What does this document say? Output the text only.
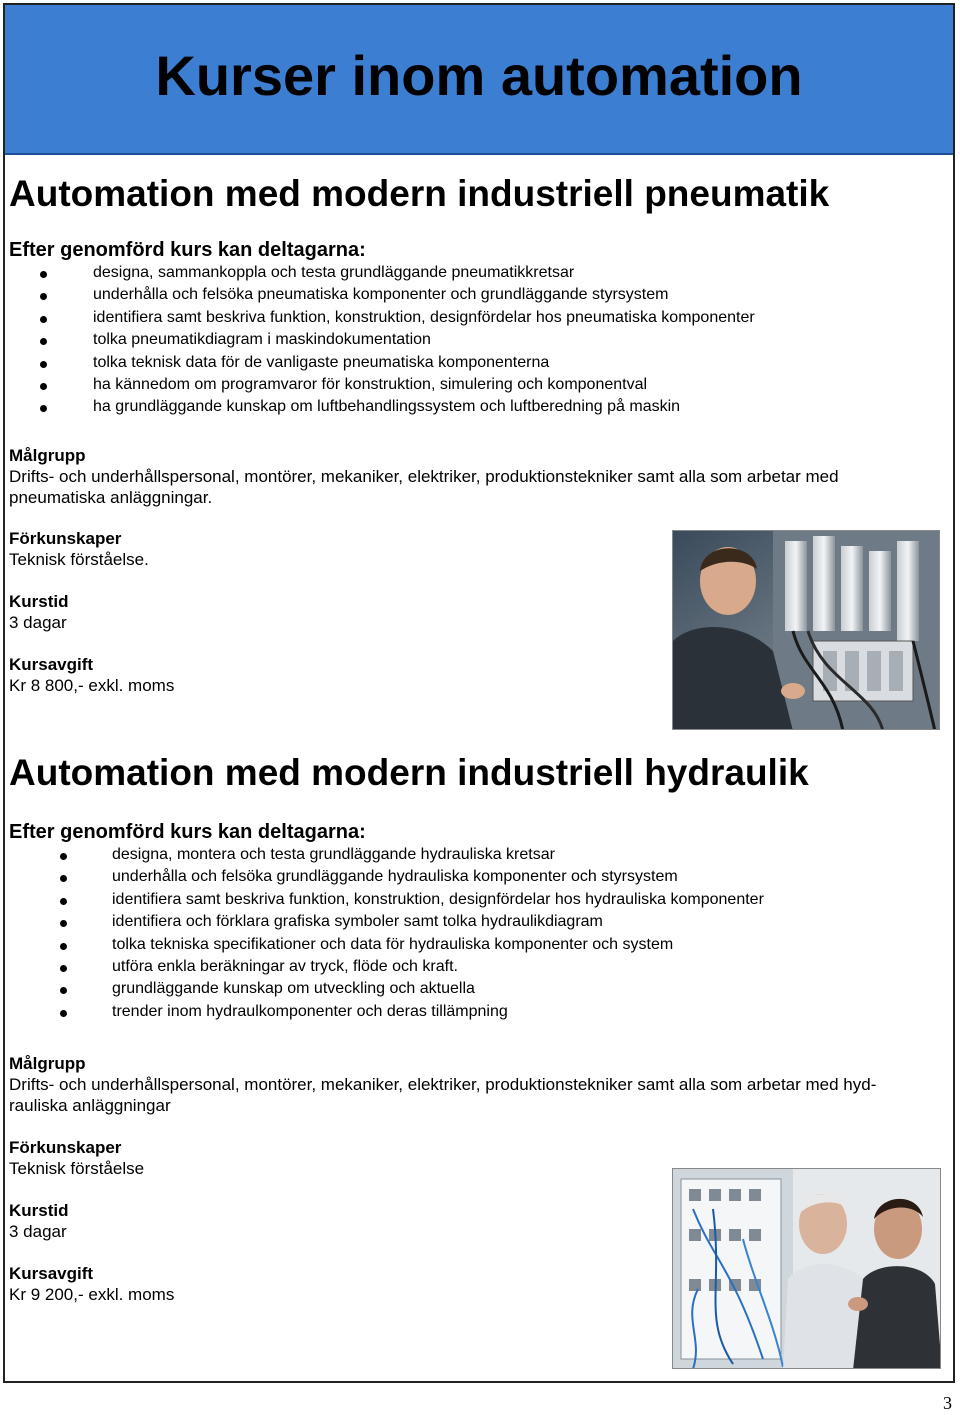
Kurser inom automation
Automation med modern industriell pneumatik

Efter genomförd kurs kan deltagarna:

designa, sammankoppla och testa grundläggande pneumatikkretsar
underhålla och felsöka pneumatiska komponenter och grundläggande styrsystem
identifiera samt beskriva funktion, konstruktion, designfördelar hos pneumatiska komponenter
tolka pneumatikdiagram i maskindokumentation
tolka teknisk data för de vanligaste pneumatiska komponenterna
ha kännedom om programvaror för konstruktion, simulering och komponentval
ha grundläggande kunskap om luftbehandlingssystem och luftberedning på maskin

Målgrupp

Drifts- och underhållspersonal, montörer, mekaniker, elektriker, produktionstekniker samt alla som arbetar med

pneumatiska anläggningar.

Förkunskaper

Teknisk förståelse.

Kurstid

3 dagar

Kursavgift

Kr 8 800,- exkl. moms

Automation med modern industriell hydraulik

Efter genomförd kurs kan deltagarna:

designa, montera och testa grundläggande hydrauliska kretsar
underhålla och felsöka grundläggande hydrauliska komponenter och styrsystem
identifiera samt beskriva funktion, konstruktion, designfördelar hos hydrauliska komponenter
identifiera och förklara grafiska symboler samt tolka hydraulikdiagram
tolka tekniska specifikationer och data för hydrauliska komponenter och system
utföra enkla beräkningar av tryck, flöde och kraft.
grundläggande kunskap om utveckling och aktuella
trender inom hydraulkomponenter och deras tillämpning

Målgrupp

Drifts- och underhållspersonal, montörer, mekaniker, elektriker, produktionstekniker samt alla som arbetar med hyd-

rauliska anläggningar

Förkunskaper

Teknisk förståelse

Kurstid

3 dagar

Kursavgift

Kr 9 200,- exkl. moms

3
